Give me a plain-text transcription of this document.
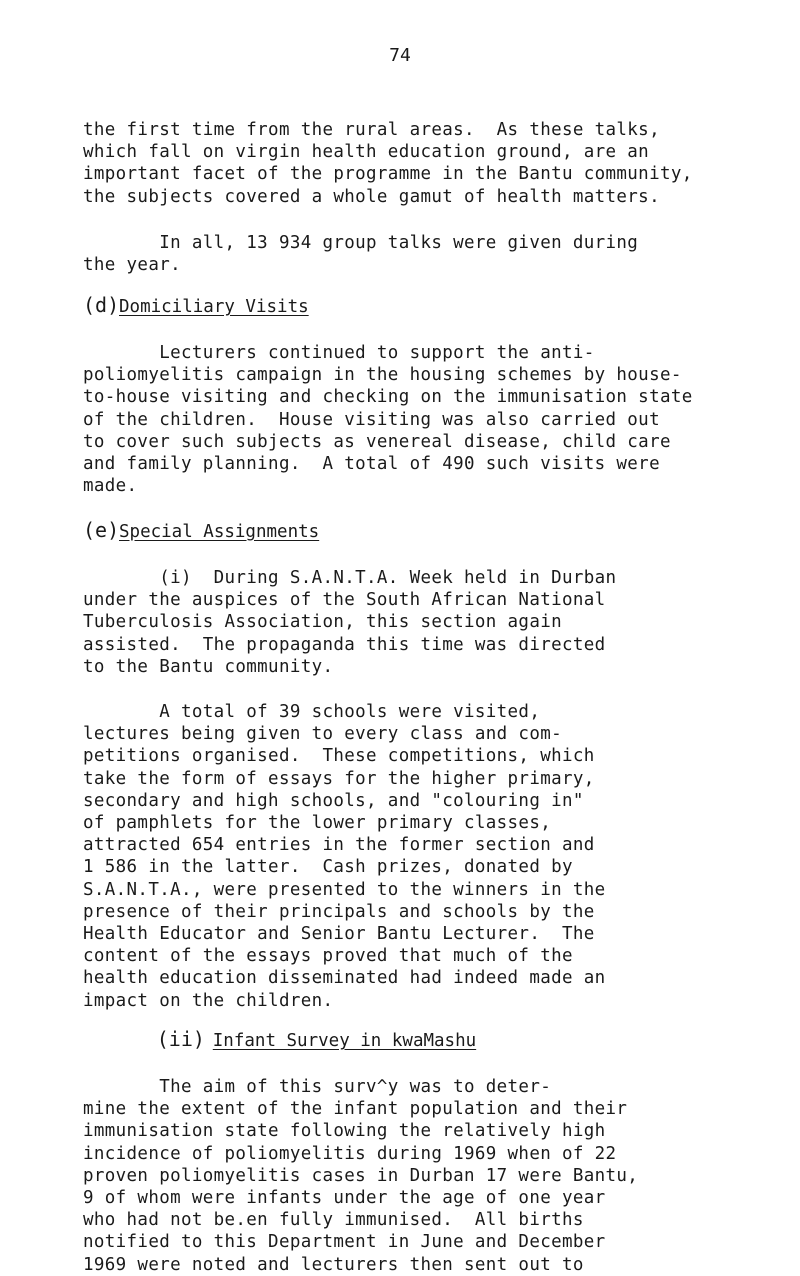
74
the first time from the rural areas.  As these talks,
which fall on virgin health education ground, are an
important facet of the programme in the Bantu community,
the subjects covered a whole gamut of health matters.
In all, 13 934 group talks were given during
the year.
(d)Domiciliary Visits
Lecturers continued to support the anti-
poliomyelitis campaign in the housing schemes by house-
to-house visiting and checking on the immunisation state
of the children.  House visiting was also carried out
to cover such subjects as venereal disease, child care
and family planning.  A total of 490 such visits were
made.
(e)Special Assignments
(i)  During S.A.N.T.A. Week held in Durban
under the auspices of the South African National
Tuberculosis Association, this section again
assisted.  The propaganda this time was directed
to the Bantu community.
A total of 39 schools were visited,
lectures being given to every class and com-
petitions organised.  These competitions, which
take the form of essays for the higher primary,
secondary and high schools, and "colouring in"
of pamphlets for the lower primary classes,
attracted 654 entries in the former section and
1 586 in the latter.  Cash prizes, donated by
S.A.N.T.A., were presented to the winners in the
presence of their principals and schools by the
Health Educator and Senior Bantu Lecturer.  The
content of the essays proved that much of the
health education disseminated had indeed made an
impact on the children.
(ii) Infant Survey in kwaMashu
The aim of this surv^y was to deter-
mine the extent of the infant population and their
immunisation state following the relatively high
incidence of poliomyelitis during 1969 when of 22
proven poliomyelitis cases in Durban 17 were Bantu,
9 of whom were infants under the age of one year
who had not be.en fully immunised.  All births
notified to this Department in June and December
1969 were noted and lecturers then sent out to
